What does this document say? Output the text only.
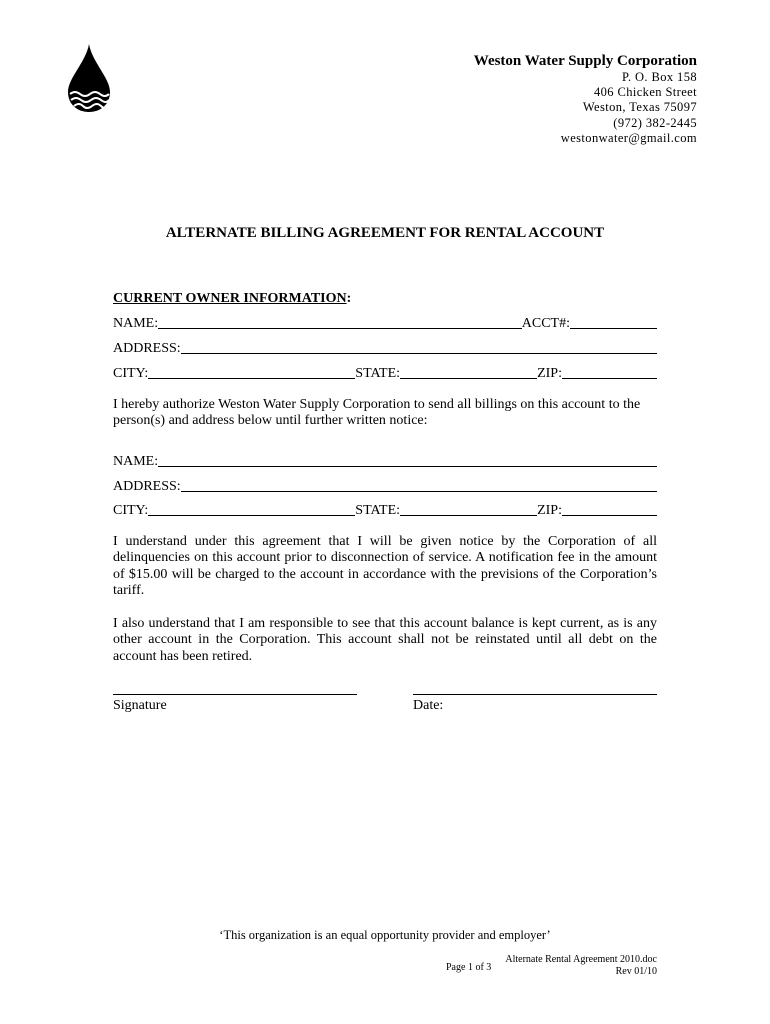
Weston Water Supply Corporation
P. O. Box 158
406 Chicken Street
Weston, Texas 75097
(972) 382-2445
westonwater@gmail.com
ALTERNATE BILLING AGREEMENT FOR RENTAL ACCOUNT
CURRENT OWNER INFORMATION:
NAME:	ACCT#:
ADDRESS:
CITY:	STATE:	ZIP:
I hereby authorize Weston Water Supply Corporation to send all billings on this account to the person(s) and address below until further written notice:
NAME:
ADDRESS:
CITY:	STATE:	ZIP:
I understand under this agreement that I will be given notice by the Corporation of all delinquencies on this account prior to disconnection of service. A notification fee in the amount of $15.00 will be charged to the account in accordance with the previsions of the Corporation’s tariff.
I also understand that I am responsible to see that this account balance is kept current, as is any other account in the Corporation. This account shall not be reinstated until all debt on the account has been retired.
Signature	Date:
‘This organization is an equal opportunity provider and employer’
Page 1 of 3
Alternate Rental Agreement 2010.doc
Rev 01/10
